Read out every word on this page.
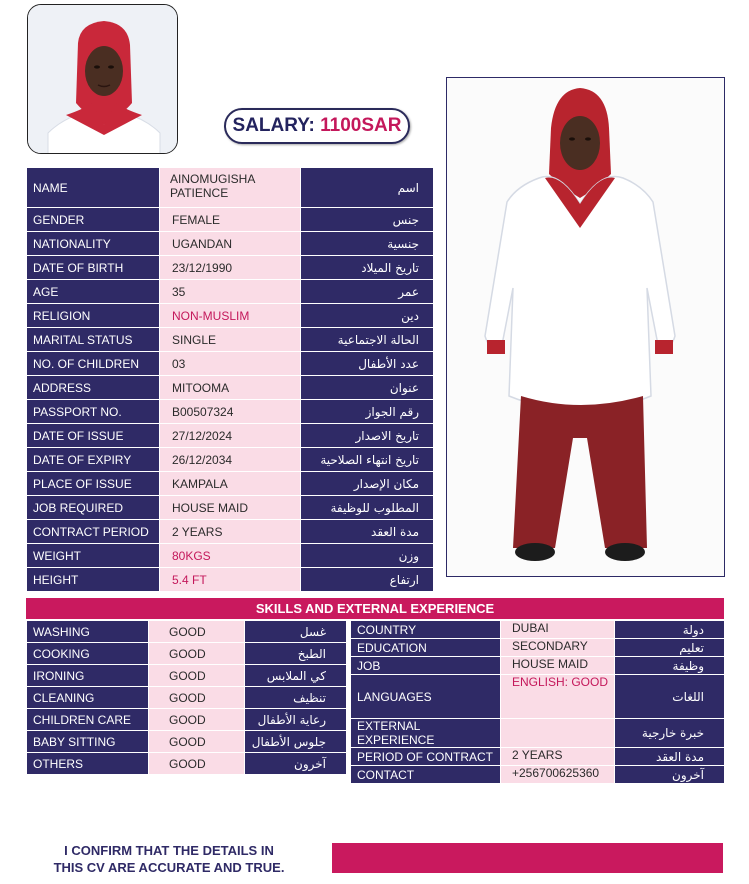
SALARY: 1100SAR
NAME	AINOMUGISHA PATIENCE	اسم
GENDER	FEMALE	جنس
NATIONALITY	UGANDAN	جنسية
DATE OF BIRTH	23/12/1990	تاريخ الميلاد
AGE	35	عمر
RELIGION	NON-MUSLIM	دين
MARITAL STATUS	SINGLE	الحالة الاجتماعية
NO. OF CHILDREN	03	عدد الأطفال
ADDRESS	MITOOMA	عنوان
PASSPORT NO.	B00507324	رقم الجواز
DATE OF ISSUE	27/12/2024	تاريخ الاصدار
DATE OF EXPIRY	26/12/2034	تاريخ انتهاء الصلاحية
PLACE OF ISSUE	KAMPALA	مكان الإصدار
JOB REQUIRED	HOUSE MAID	المطلوب للوظيفة
CONTRACT PERIOD	2 YEARS	مدة العقد
WEIGHT	80KGS	وزن
HEIGHT	5.4 FT	ارتفاع
SKILLS AND EXTERNAL EXPERIENCE
WASHING	GOOD	غسل
COOKING	GOOD	الطبخ
IRONING	GOOD	كي الملابس
CLEANING	GOOD	تنظيف
CHILDREN CARE	GOOD	رعاية الأطفال
BABY SITTING	GOOD	جلوس الأطفال
OTHERS	GOOD	آخرون
COUNTRY	DUBAI	دولة
EDUCATION	SECONDARY	تعليم
JOB	HOUSE MAID	وظيفة
LANGUAGES	ENGLISH: GOOD	اللغات
EXTERNAL EXPERIENCE		خبرة خارجية
PERIOD OF CONTRACT	2 YEARS	مدة العقد
CONTACT	+256700625360	آخرون
I CONFIRM THAT THE DETAILS IN
THIS CV ARE ACCURATE AND TRUE.
